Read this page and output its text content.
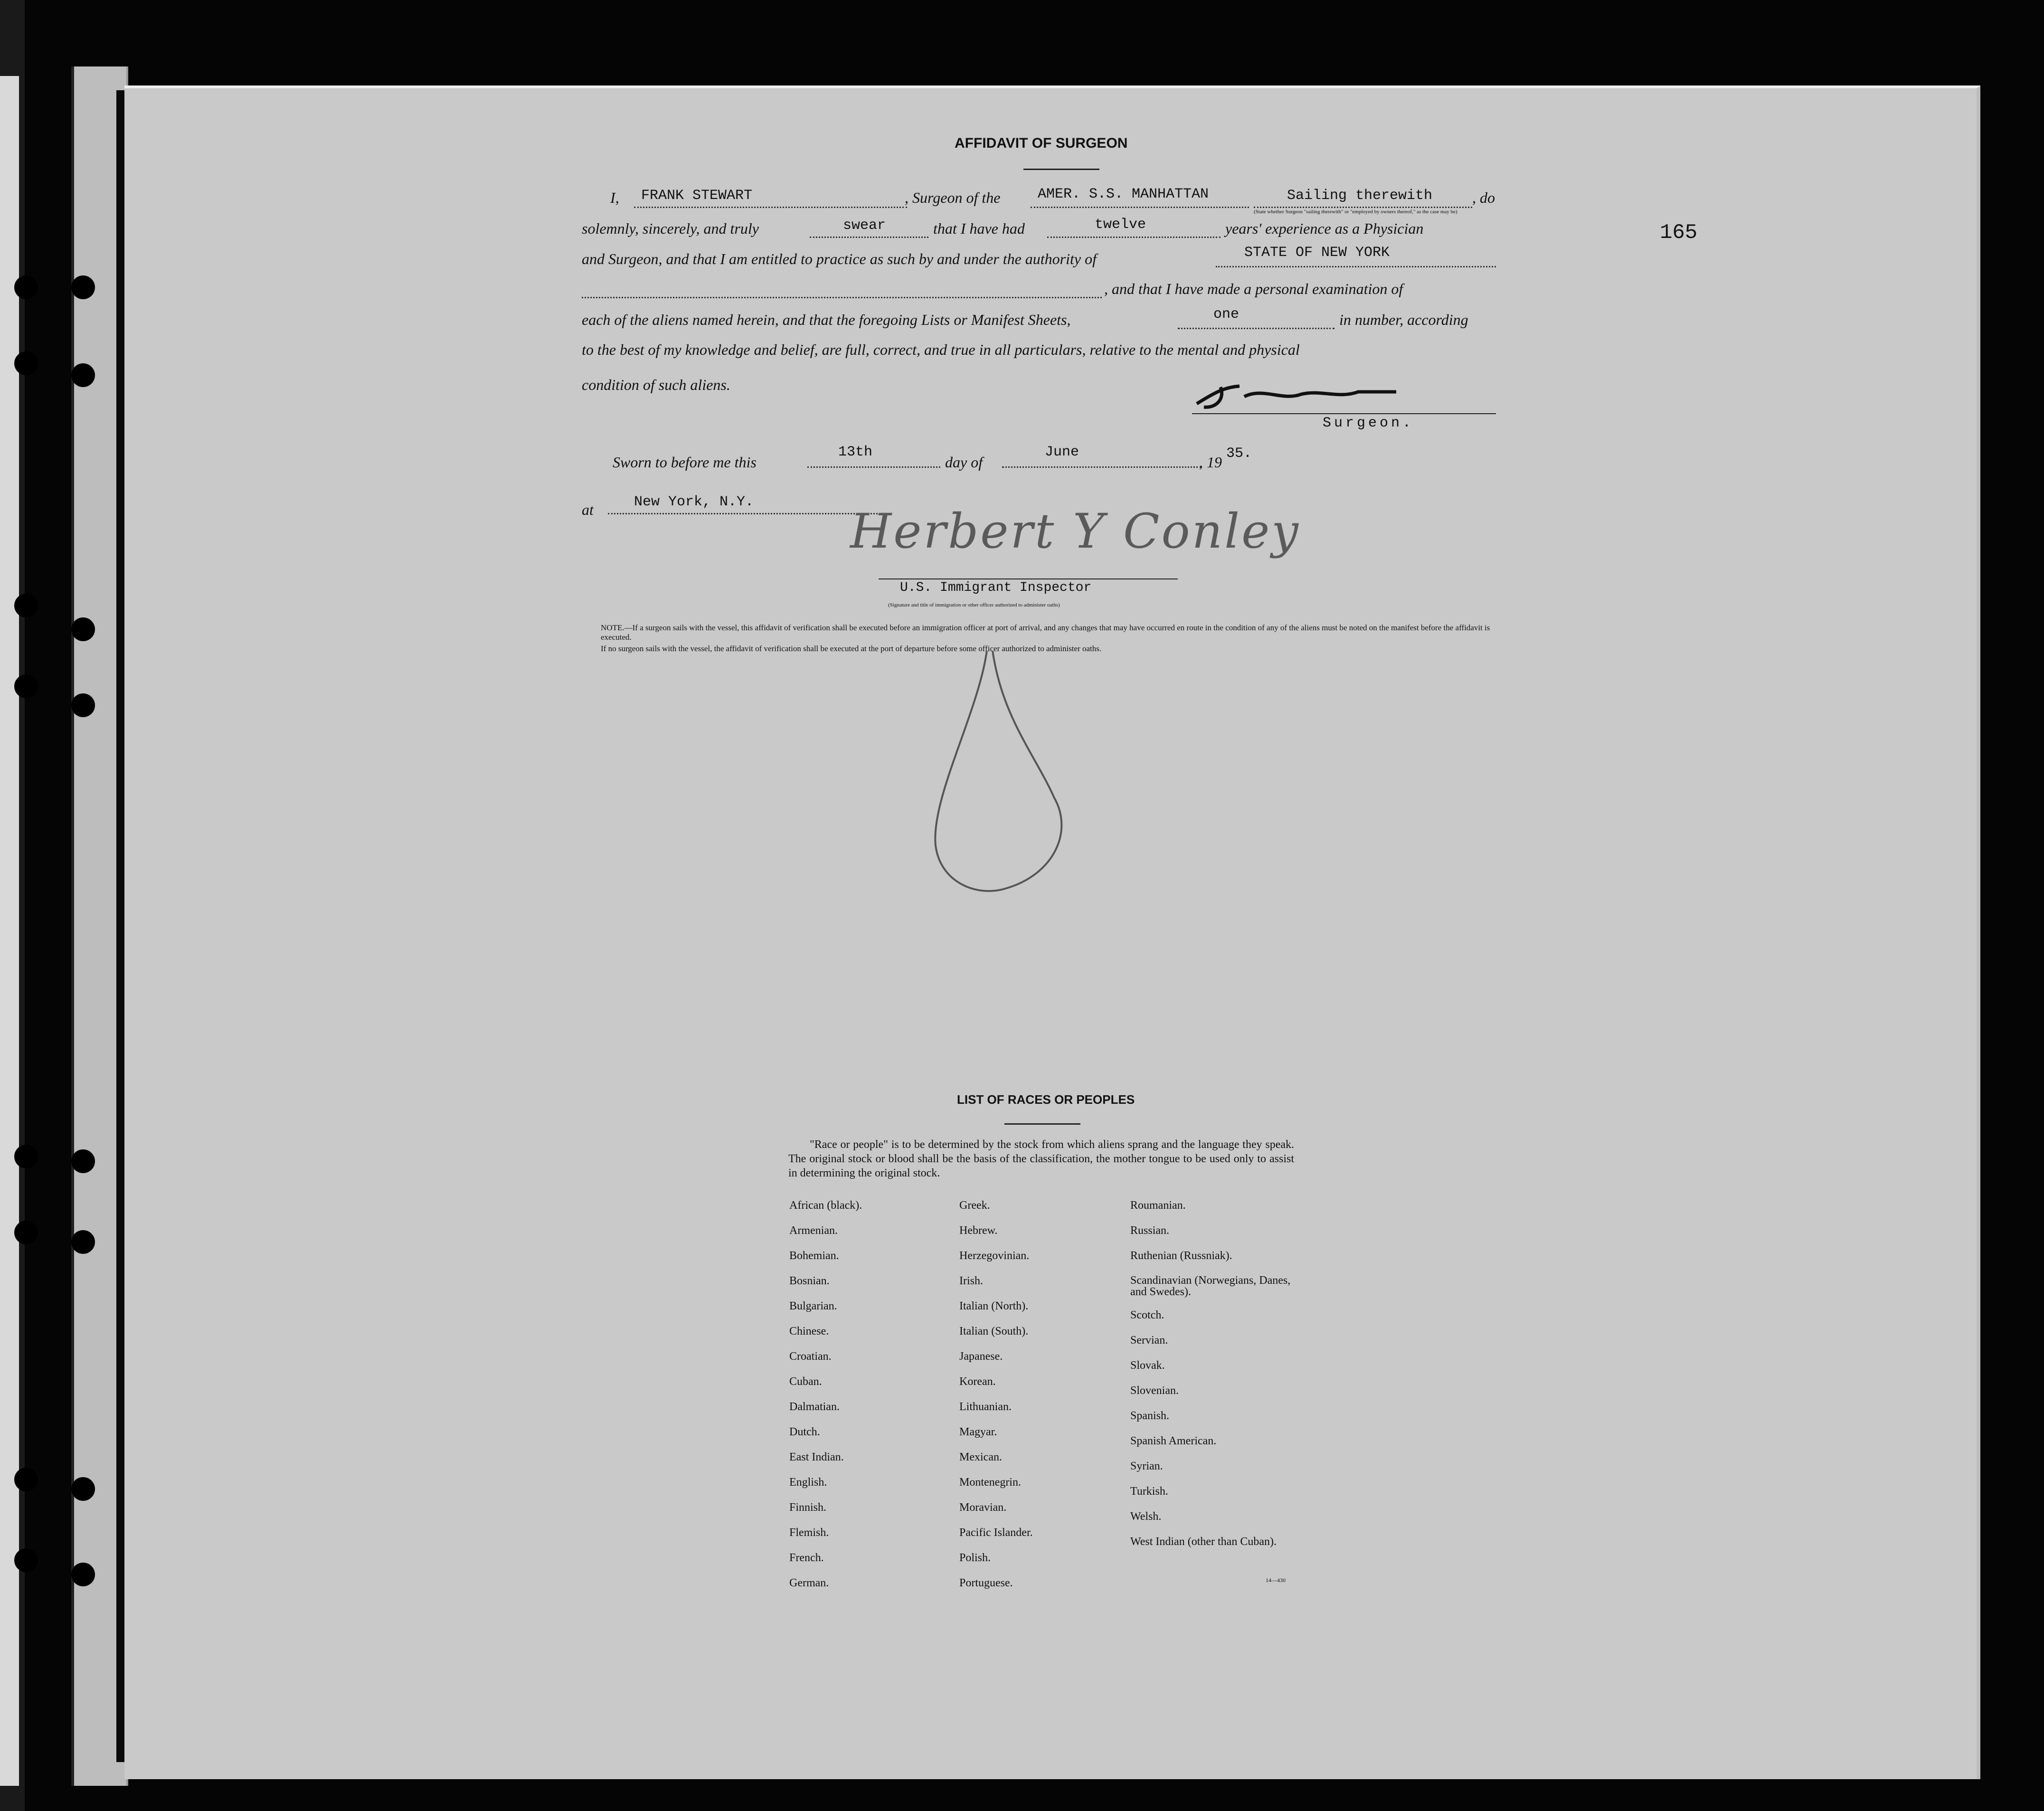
165
AFFIDAVIT OF SURGEON
I, FRANK STEWART	, Surgeon of the	AMER. S.S. MANHATTAN	Sailing therewith	, do
(State whether Surgeon "sailing therewith" or "employed by owners thereof," as the case may be)
solemnly, sincerely, and truly	swear	that I have had	twelve	years' experience as a Physician
and Surgeon, and that I am entitled to practice as such by and under the authority of	STATE OF NEW YORK
, and that I have made a personal examination of
each of the aliens named herein, and that the foregoing Lists or Manifest Sheets,	one	in number, according
to the best of my knowledge and belief, are full, correct, and true in all particulars, relative to the mental and physical
condition of such aliens.
Surgeon.
Sworn to before me this
13th
day of
June
, 19 35.
at	New York, N.Y.
Herbert Y Conley
U.S. Immigrant Inspector
(Signature and title of immigration or other officer authorized to administer oaths)
NOTE.—If a surgeon sails with the vessel, this affidavit of verification shall be executed before an immigration officer at port of arrival, and any changes that may have occurred en route in the condition of any of the aliens must be noted on the manifest before the affidavit is executed.
If no surgeon sails with the vessel, the affidavit of verification shall be executed at the port of departure before some officer authorized to administer oaths.
LIST OF RACES OR PEOPLES
"Race or people" is to be determined by the stock from which aliens sprang and the language they speak. The original stock or blood shall be the basis of the classification, the mother tongue to be used only to assist in determining the original stock.
African (black).
Armenian.
Bohemian.
Bosnian.
Bulgarian.
Chinese.
Croatian.
Cuban.
Dalmatian.
Dutch.
East Indian.
English.
Finnish.
Flemish.
French.
German.
Greek.
Hebrew.
Herzegovinian.
Irish.
Italian (North).
Italian (South).
Japanese.
Korean.
Lithuanian.
Magyar.
Mexican.
Montenegrin.
Moravian.
Pacific Islander.
Polish.
Portuguese.
Roumanian.
Russian.
Ruthenian (Russniak).
Scandinavian (Norwegians, Danes, and Swedes).
Scotch.
Servian.
Slovak.
Slovenian.
Spanish.
Spanish American.
Syrian.
Turkish.
Welsh.
West Indian (other than Cuban).
14—430
